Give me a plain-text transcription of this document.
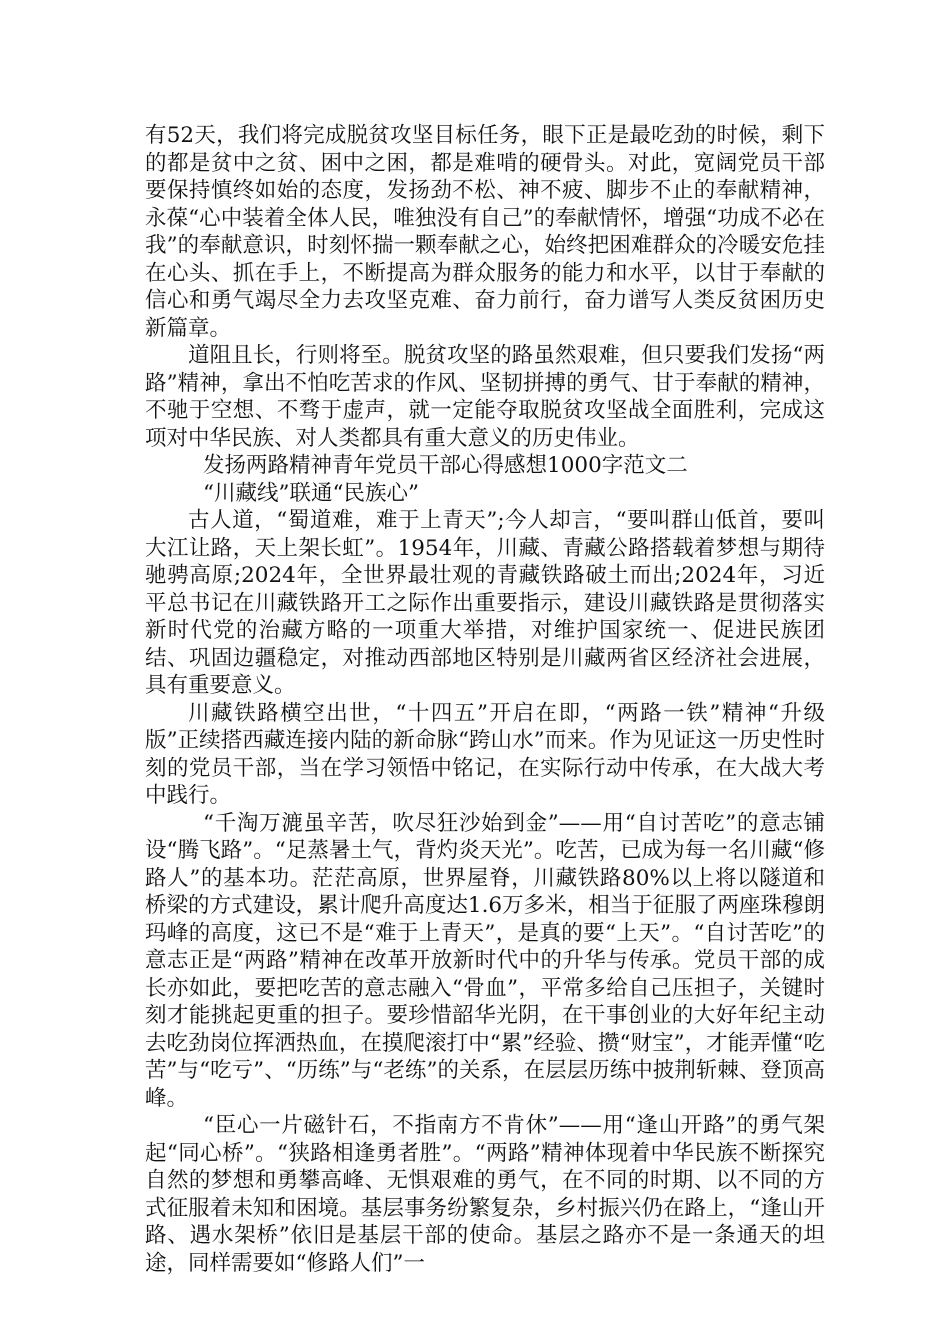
有52天，我们将完成脱贫攻坚目标任务，眼下正是最吃劲的时候，剩下的都是贫中之贫、困中之困，都是难啃的硬骨头。对此，宽阔党员干部要保持慎终如始的态度，发扬劲不松、神不疲、脚步不止的奉献精神，永葆“心中装着全体人民，唯独没有自己”的奉献情怀，增强“功成不必在我”的奉献意识，时刻怀揣一颗奉献之心，始终把困难群众的冷暖安危挂在心头、抓在手上，不断提高为群众服务的能力和水平，以甘于奉献的信心和勇气竭尽全力去攻坚克难、奋力前行，奋力谱写人类反贫困历史新篇章。

道阻且长，行则将至。脱贫攻坚的路虽然艰难，但只要我们发扬“两路”精神，拿出不怕吃苦求的作风、坚韧拼搏的勇气、甘于奉献的精神，不驰于空想、不骛于虚声，就一定能夺取脱贫攻坚战全面胜利，完成这项对中华民族、对人类都具有重大意义的历史伟业。

发扬两路精神青年党员干部心得感想1000字范文二

“川藏线”联通“民族心”

古人道，“蜀道难，难于上青天”;今人却言，“要叫群山低首，要叫大江让路，天上架长虹”。1954年，川藏、青藏公路搭载着梦想与期待驰骋高原;2024年，全世界最壮观的青藏铁路破土而出;2024年，习近平总书记在川藏铁路开工之际作出重要指示，建设川藏铁路是贯彻落实新时代党的治藏方略的一项重大举措，对维护国家统一、促进民族团结、巩固边疆稳定，对推动西部地区特别是川藏两省区经济社会进展，具有重要意义。

川藏铁路横空出世，“十四五”开启在即，“两路一铁”精神“升级版”正续搭西藏连接内陆的新命脉“跨山水”而来。作为见证这一历史性时刻的党员干部，当在学习领悟中铭记，在实际行动中传承，在大战大考中践行。

“千淘万漉虽辛苦，吹尽狂沙始到金”——用“自讨苦吃”的意志铺设“腾飞路”。“足蒸暑土气，背灼炎天光”。吃苦，已成为每一名川藏“修路人”的基本功。茫茫高原，世界屋脊，川藏铁路80%以上将以隧道和桥梁的方式建设，累计爬升高度达1.6万多米，相当于征服了两座珠穆朗玛峰的高度，这已不是“难于上青天”，是真的要“上天”。“自讨苦吃”的意志正是“两路”精神在改革开放新时代中的升华与传承。党员干部的成长亦如此，要把吃苦的意志融入“骨血”，平常多给自己压担子，关键时刻才能挑起更重的担子。要珍惜韶华光阴，在干事创业的大好年纪主动去吃劲岗位挥洒热血，在摸爬滚打中“累”经验、攒“财宝”，才能弄懂“吃苦”与“吃亏”、“历练”与“老练”的关系，在层层历练中披荆斩棘、登顶高峰。

“臣心一片磁针石，不指南方不肯休”——用“逢山开路”的勇气架起“同心桥”。“狭路相逢勇者胜”。“两路”精神体现着中华民族不断探究自然的梦想和勇攀高峰、无惧艰难的勇气，在不同的时期、以不同的方式征服着未知和困境。基层事务纷繁复杂，乡村振兴仍在路上，“逢山开路、遇水架桥”依旧是基层干部的使命。基层之路亦不是一条通天的坦途，同样需要如“修路人们”一
